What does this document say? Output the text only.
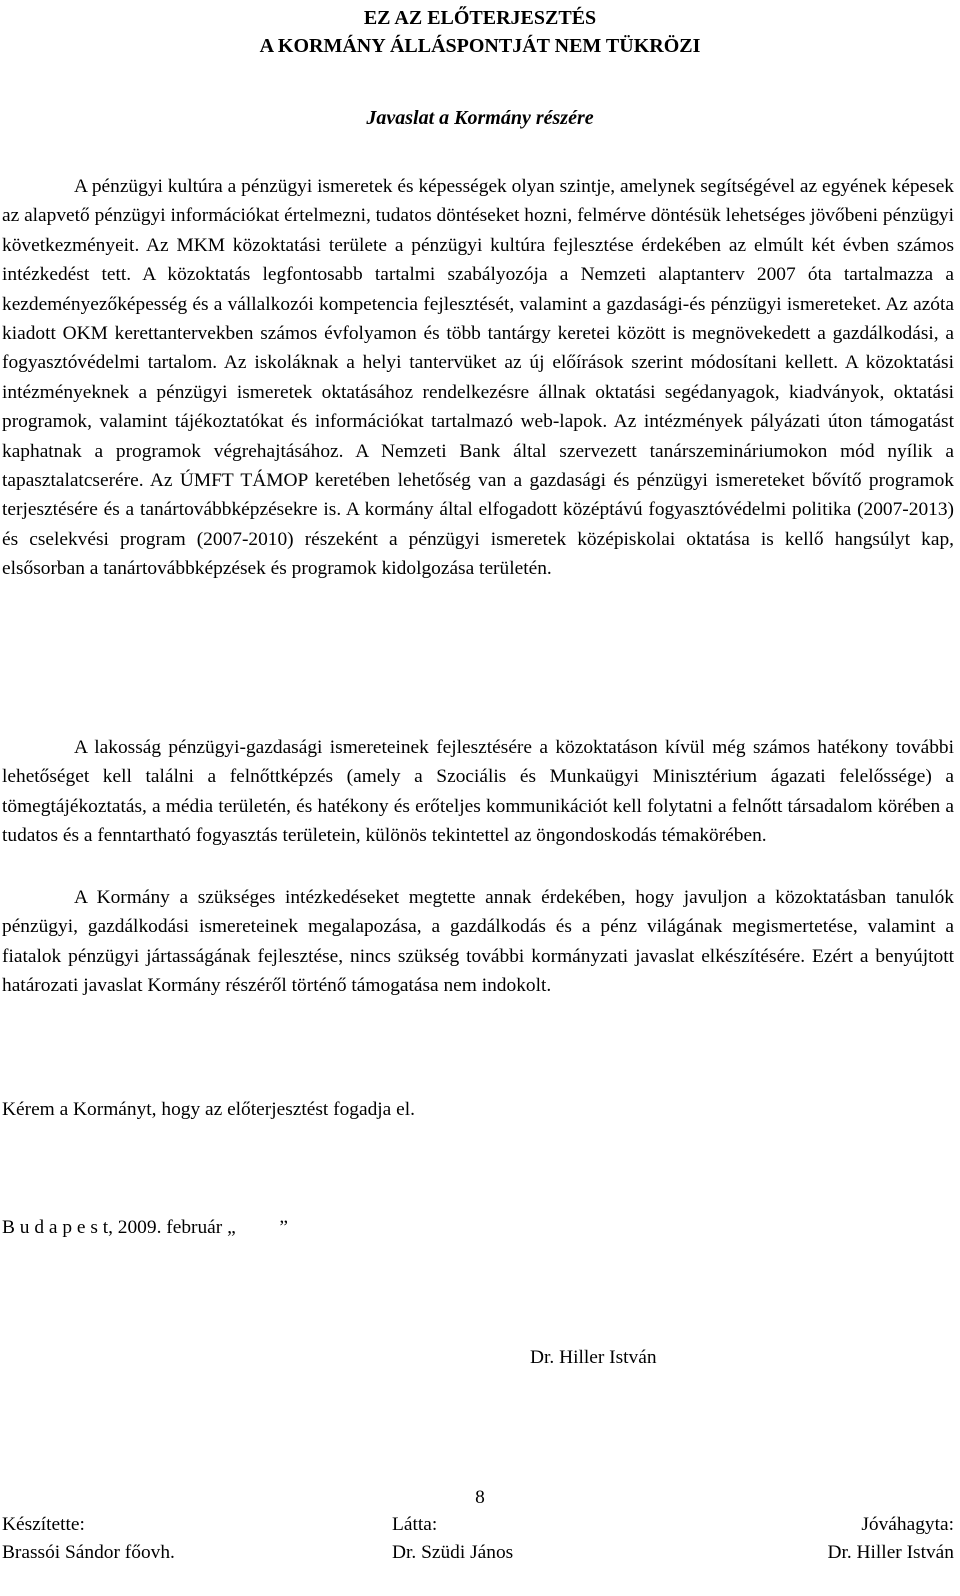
EZ AZ ELŐTERJESZTÉS
A KORMÁNY ÁLLÁSPONTJÁT NEM TÜKRÖZI
Javaslat a Kormány részére

A pénzügyi kultúra a pénzügyi ismeretek és képességek olyan szintje, amelynek segítségével az egyének képesek az alapvető pénzügyi információkat értelmezni, tudatos döntéseket hozni, felmérve döntésük lehetséges jövőbeni pénzügyi következményeit. Az MKM közoktatási területe a pénzügyi kultúra fejlesztése érdekében az elmúlt két évben számos intézkedést tett. A közoktatás legfontosabb tartalmi szabályozója a Nemzeti alaptanterv 2007 óta tartalmazza a kezdeményezőképesség és a vállalkozói kompetencia fejlesztését, valamint a gazdasági-és pénzügyi ismereteket. Az azóta kiadott OKM kerettantervekben számos évfolyamon és több tantárgy keretei között is megnövekedett a gazdálkodási, a fogyasztóvédelmi tartalom. Az iskoláknak a helyi tantervüket az új előírások szerint módosítani kellett. A közoktatási intézményeknek a pénzügyi ismeretek oktatásához rendelkezésre állnak oktatási segédanyagok, kiadványok, oktatási programok, valamint tájékoztatókat és információkat tartalmazó web-lapok. Az intézmények pályázati úton támogatást kaphatnak a programok végrehajtásához. A Nemzeti Bank által szervezett tanárszemináriumokon mód nyílik a tapasztalatcserére. Az ÚMFT TÁMOP keretében lehetőség van a gazdasági és pénzügyi ismereteket bővítő programok terjesztésére és a tanártovábbképzésekre is. A kormány által elfogadott középtávú fogyasztóvédelmi politika (2007-2013) és cselekvési program (2007-2010) részeként a pénzügyi ismeretek középiskolai oktatása is kellő hangsúlyt kap, elsősorban a tanártovábbképzések és programok kidolgozása területén.

A lakosság pénzügyi-gazdasági ismereteinek fejlesztésére a közoktatáson kívül még számos hatékony további lehetőséget kell találni a felnőttképzés (amely a Szociális és Munkaügyi Minisztérium ágazati felelőssége) a tömegtájékoztatás, a média területén, és hatékony és erőteljes kommunikációt kell folytatni a felnőtt társadalom körében a tudatos és a fenntartható fogyasztás területein, különös tekintettel az öngondoskodás témakörében.

A Kormány a szükséges intézkedéseket megtette annak érdekében, hogy javuljon a közoktatásban tanulók pénzügyi, gazdálkodási ismereteinek megalapozása, a gazdálkodás és a pénz világának megismertetése, valamint a fiatalok pénzügyi jártasságának fejlesztése, nincs szükség további kormányzati javaslat elkészítésére. Ezért a benyújtott határozati javaslat Kormány részéről történő támogatása nem indokolt.

Kérem a Kormányt, hogy az előterjesztést fogadja el.

B u d a p e s t, 2009. február „         ”

Dr. Hiller István
8
Készítette:
Brassói Sándor főovh.
Látta:
Dr. Szüdi János
Jóváhagyta:
Dr. Hiller István
